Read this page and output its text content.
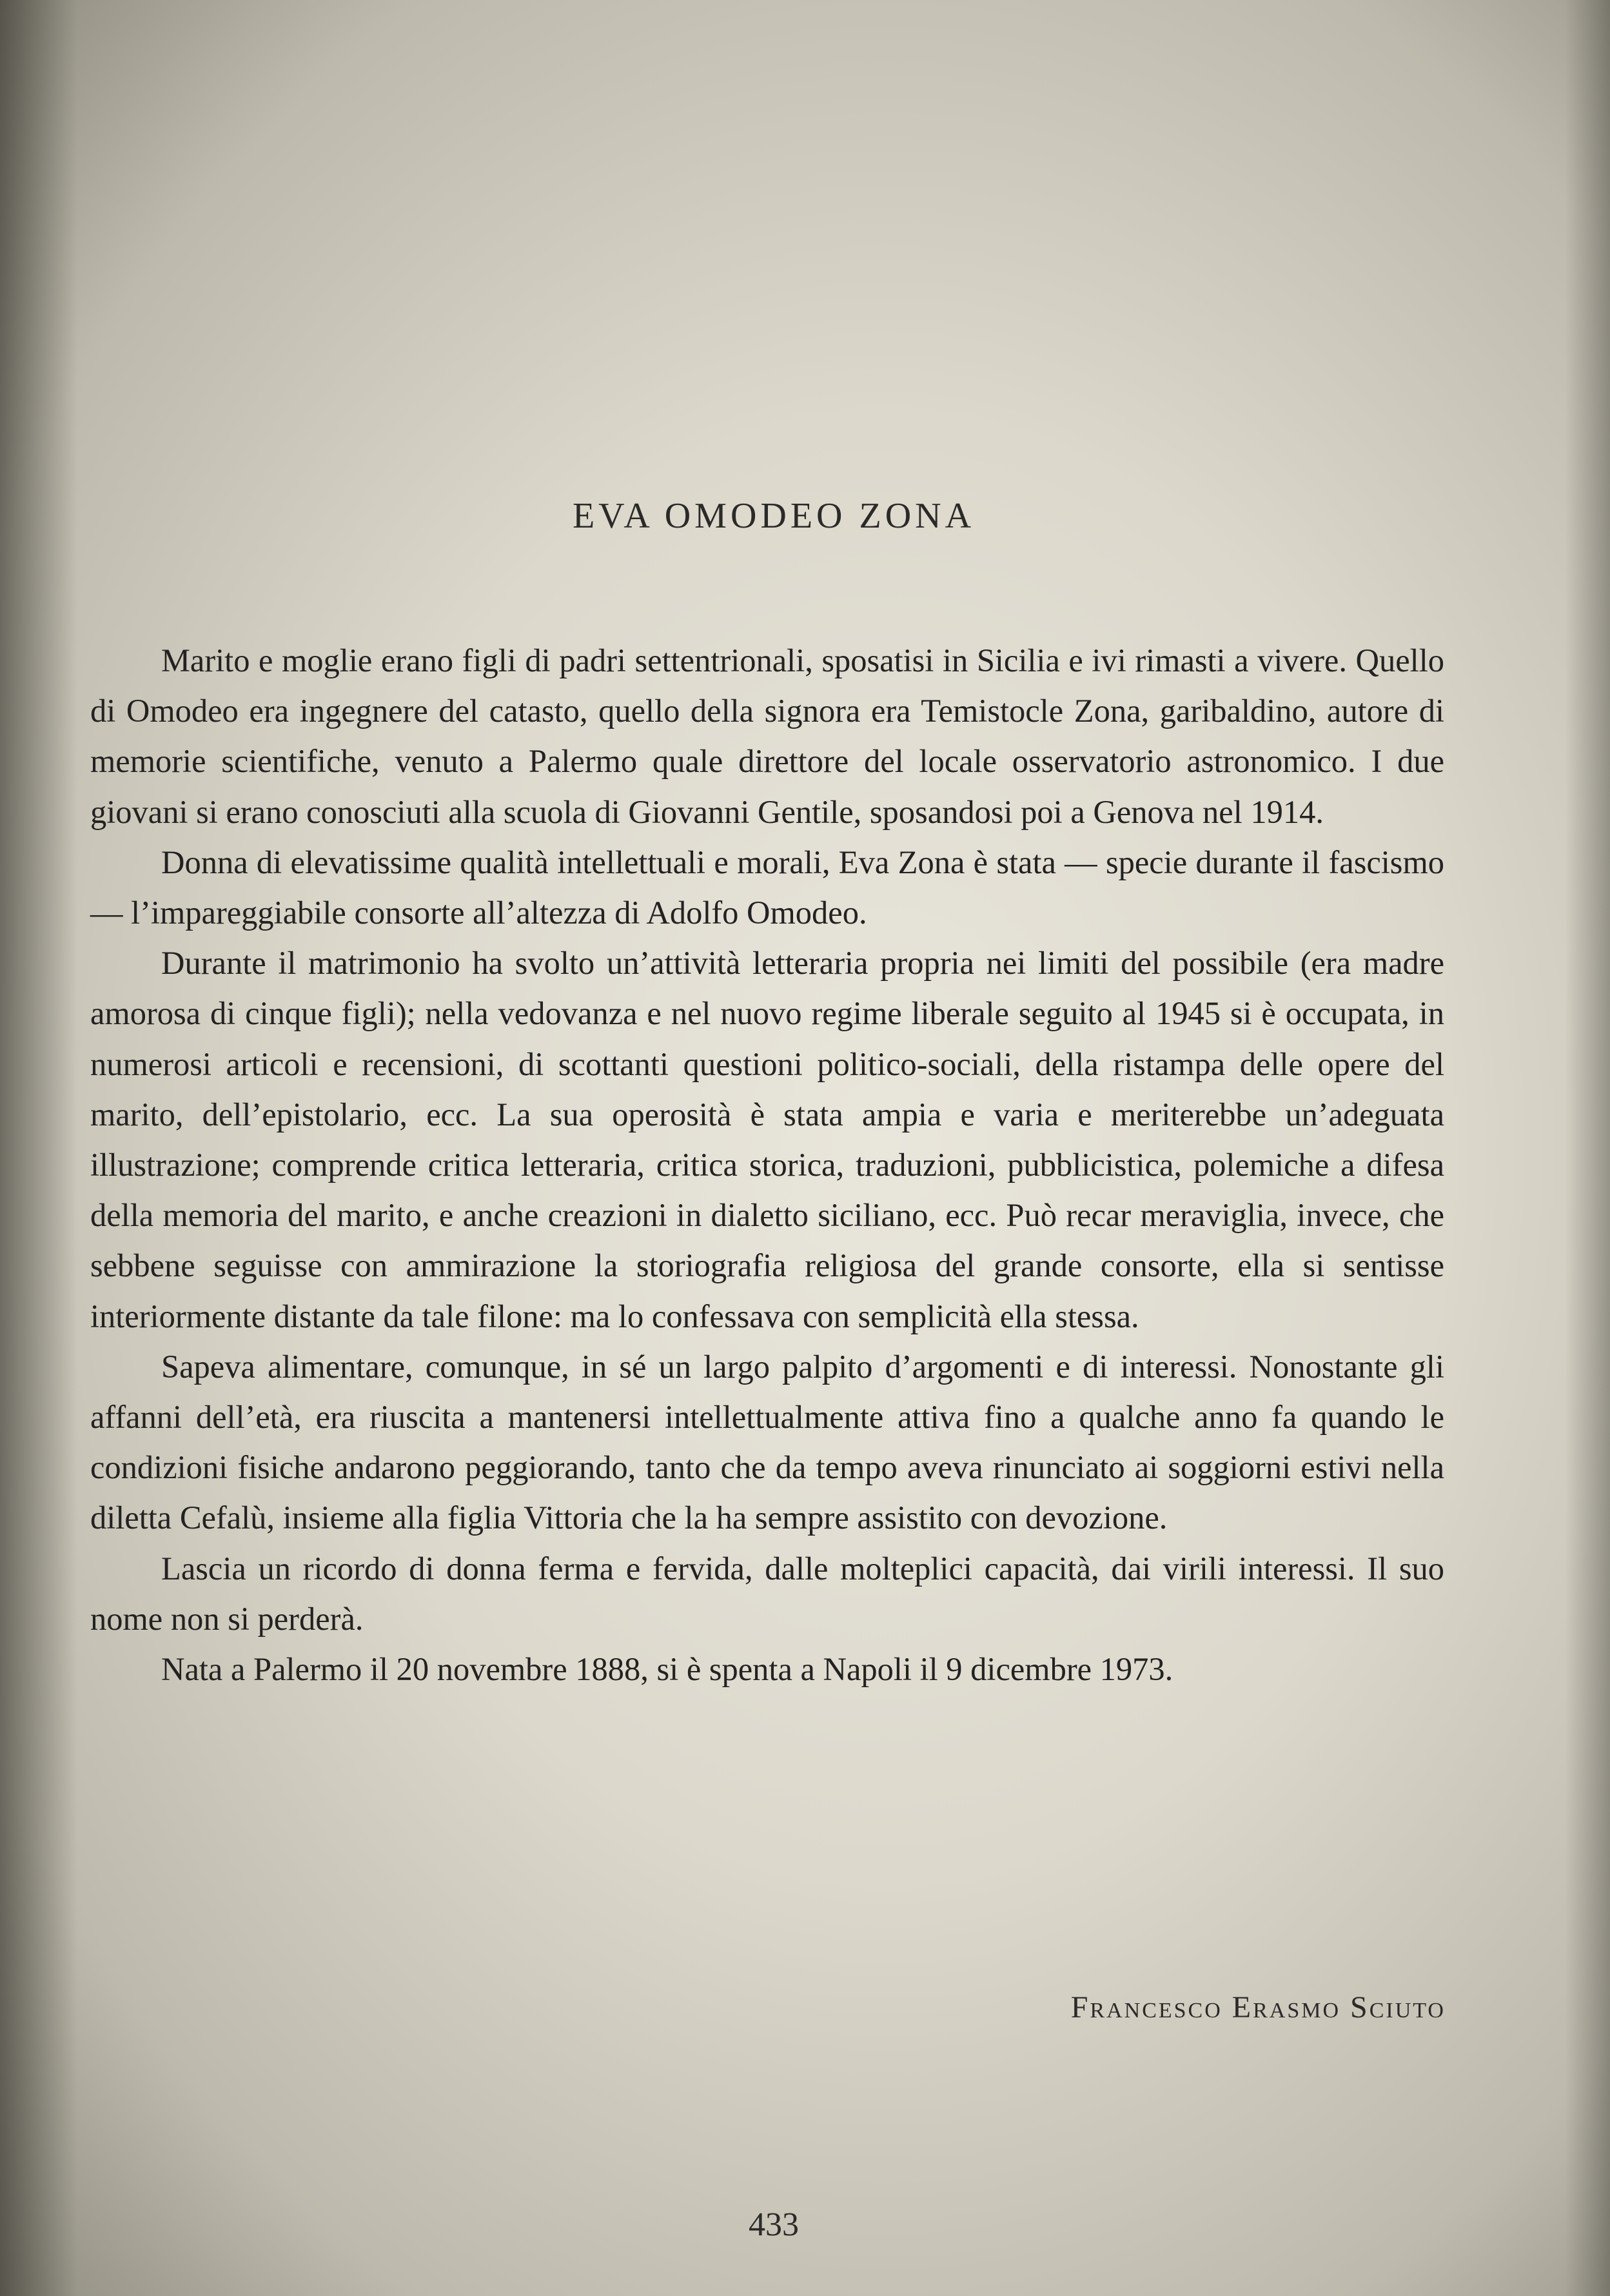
EVA OMODEO ZONA

Marito e moglie erano figli di padri settentrionali, sposatisi in Sicilia e ivi rimasti a vivere. Quello di Omodeo era ingegnere del catasto, quello della signora era Temistocle Zona, garibaldino, autore di memorie scientifiche, venuto a Palermo quale direttore del locale osservatorio astronomico. I due giovani si erano conosciuti alla scuola di Giovanni Gentile, sposandosi poi a Genova nel 1914.

Donna di elevatissime qualità intellettuali e morali, Eva Zona è stata — specie durante il fascismo — l’impareggiabile consorte all’altezza di Adolfo Omodeo.

Durante il matrimonio ha svolto un’attività letteraria propria nei limiti del possibile (era madre amorosa di cinque figli); nella vedovanza e nel nuovo regime liberale seguito al 1945 si è occupata, in numerosi articoli e recensioni, di scottanti questioni politico-sociali, della ristampa delle opere del marito, dell’epistolario, ecc. La sua operosità è stata ampia e varia e meriterebbe un’adeguata illustrazione; comprende critica letteraria, critica storica, traduzioni, pubblicistica, polemiche a difesa della memoria del marito, e anche creazioni in dialetto siciliano, ecc. Può recar meraviglia, invece, che sebbene seguisse con ammirazione la storiografia religiosa del grande consorte, ella si sentisse interiormente distante da tale filone: ma lo confessava con semplicità ella stessa.

Sapeva alimentare, comunque, in sé un largo palpito d’argomenti e di interessi. Nonostante gli affanni dell’età, era riuscita a mantenersi intellettualmente attiva fino a qualche anno fa quando le condizioni fisiche andarono peggiorando, tanto che da tempo aveva rinunciato ai soggiorni estivi nella diletta Cefalù, insieme alla figlia Vittoria che la ha sempre assistito con devozione.

Lascia un ricordo di donna ferma e fervida, dalle molteplici capacità, dai virili interessi. Il suo nome non si perderà.

Nata a Palermo il 20 novembre 1888, si è spenta a Napoli il 9 dicembre 1973.

Francesco Erasmo Sciuto
433
